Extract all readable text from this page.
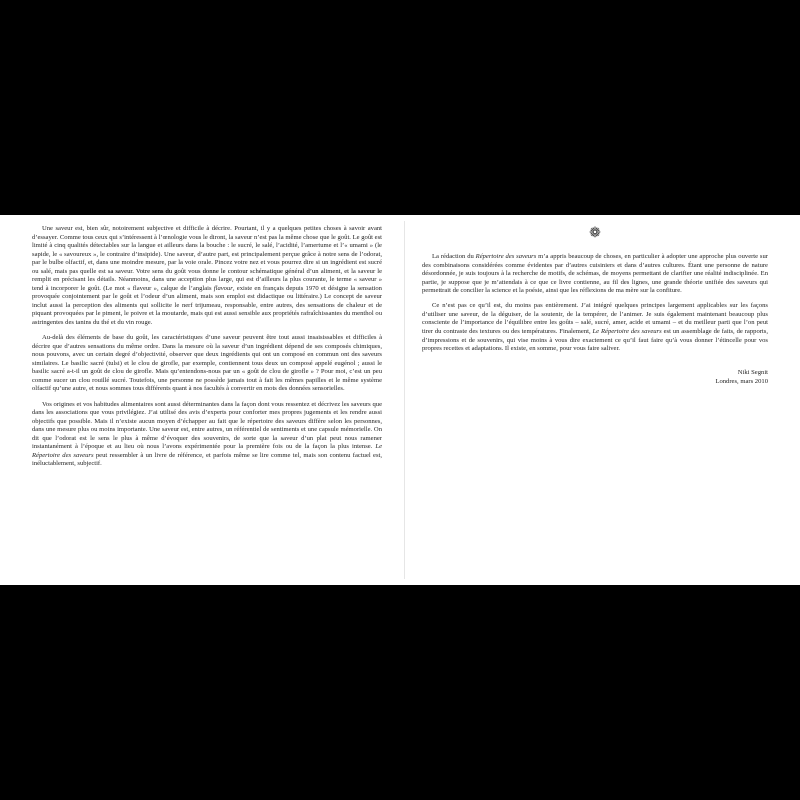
Une saveur est, bien sûr, notoirement subjective et difficile à décrire. Pourtant, il y a quelques petites choses à savoir avant d’essayer. Comme tous ceux qui s’intéressent à l’œnologie vous le diront, la saveur n’est pas la même chose que le goût. Le goût est limité à cinq qualités détectables sur la langue et ailleurs dans la bouche : le sucré, le salé, l’acidité, l’amertume et l’« umami » (le sapide, le « savoureux », le contraire d’insipide). Une saveur, d’autre part, est principalement perçue grâce à notre sens de l’odorat, par le bulbe olfactif, et, dans une moindre mesure, par la voie orale. Pincez votre nez et vous pourrez dire si un ingrédient est sucré ou salé, mais pas quelle est sa saveur. Votre sens du goût vous donne le contour schématique général d’un aliment, et la saveur le remplit en précisant les détails. Néanmoins, dans une acception plus large, qui est d’ailleurs la plus courante, le terme « saveur » tend à incorporer le goût. (Le mot « flaveur », calque de l’anglais flavour, existe en français depuis 1970 et désigne la sensation provoquée conjointement par le goût et l’odeur d’un aliment, mais son emploi est didactique ou littéraire.) Le concept de saveur inclut aussi la perception des aliments qui sollicite le nerf trijumeau, responsable, entre autres, des sensations de chaleur et de piquant provoquées par le piment, le poivre et la moutarde, mais qui est aussi sensible aux propriétés rafraîchissantes du menthol ou astringentes des tanins du thé et du vin rouge.

Au-delà des éléments de base du goût, les caractéristiques d’une saveur peuvent être tout aussi insaisissables et difficiles à décrire que d’autres sensations du même ordre. Dans la mesure où la saveur d’un ingrédient dépend de ses composés chimiques, nous pouvons, avec un certain degré d’objectivité, observer que deux ingrédients qui ont un composé en commun ont des saveurs similaires. Le basilic sacré (tulsi) et le clou de girofle, par exemple, contiennent tous deux un composé appelé eugénol ; aussi le basilic sacré a-t-il un goût de clou de girofle. Mais qu’entendons-nous par un « goût de clou de girofle » ? Pour moi, c’est un peu comme sucer un clou rouillé sucré. Toutefois, une personne ne possède jamais tout à fait les mêmes papilles et le même système olfactif qu’une autre, et nous sommes tous différents quant à nos facultés à convertir en mots des données sensorielles.

Vos origines et vos habitudes alimentaires sont aussi déterminantes dans la façon dont vous ressentez et décrivez les saveurs que dans les associations que vous privilégiez. J’ai utilisé des avis d’experts pour conforter mes propres jugements et les rendre aussi objectifs que possible. Mais il n’existe aucun moyen d’échapper au fait que le répertoire des saveurs diffère selon les personnes, dans une mesure plus ou moins importante. Une saveur est, entre autres, un référentiel de sentiments et une capsule mémorielle. On dit que l’odorat est le sens le plus à même d’évoquer des souvenirs, de sorte que la saveur d’un plat peut nous ramener instantanément à l’époque et au lieu où nous l’avons expérimentée pour la première fois ou de la façon la plus intense. Le Répertoire des saveurs peut ressembler à un livre de référence, et parfois même se lire comme tel, mais son contenu factuel est, inéluctablement, subjectif.

❁

La rédaction du Répertoire des saveurs m’a appris beaucoup de choses, en particulier à adopter une approche plus ouverte sur des combinaisons considérées comme évidentes par d’autres cuisiniers et dans d’autres cultures. Étant une personne de nature désordonnée, je suis toujours à la recherche de motifs, de schémas, de moyens permettant de clarifier une réalité indisciplinée. En partie, je suppose que je m’attendais à ce que ce livre contienne, au fil des lignes, une grande théorie unifiée des saveurs qui permettrait de concilier la science et la poésie, ainsi que les réflexions de ma mère sur la confiture.

Ce n’est pas ce qu’il est, du moins pas entièrement. J’ai intégré quelques principes largement applicables sur les façons d’utiliser une saveur, de la déguiser, de la soutenir, de la tempérer, de l’animer. Je suis également maintenant beaucoup plus consciente de l’importance de l’équilibre entre les goûts – salé, sucré, amer, acide et umami – et du meilleur parti que l’on peut tirer du contraste des textures ou des températures. Finalement, Le Répertoire des saveurs est un assemblage de faits, de rapports, d’impressions et de souvenirs, qui vise moins à vous dire exactement ce qu’il faut faire qu’à vous donner l’étincelle pour vos propres recettes et adaptations. Il existe, en somme, pour vous faire saliver.

Niki Segnit
Londres, mars 2010
